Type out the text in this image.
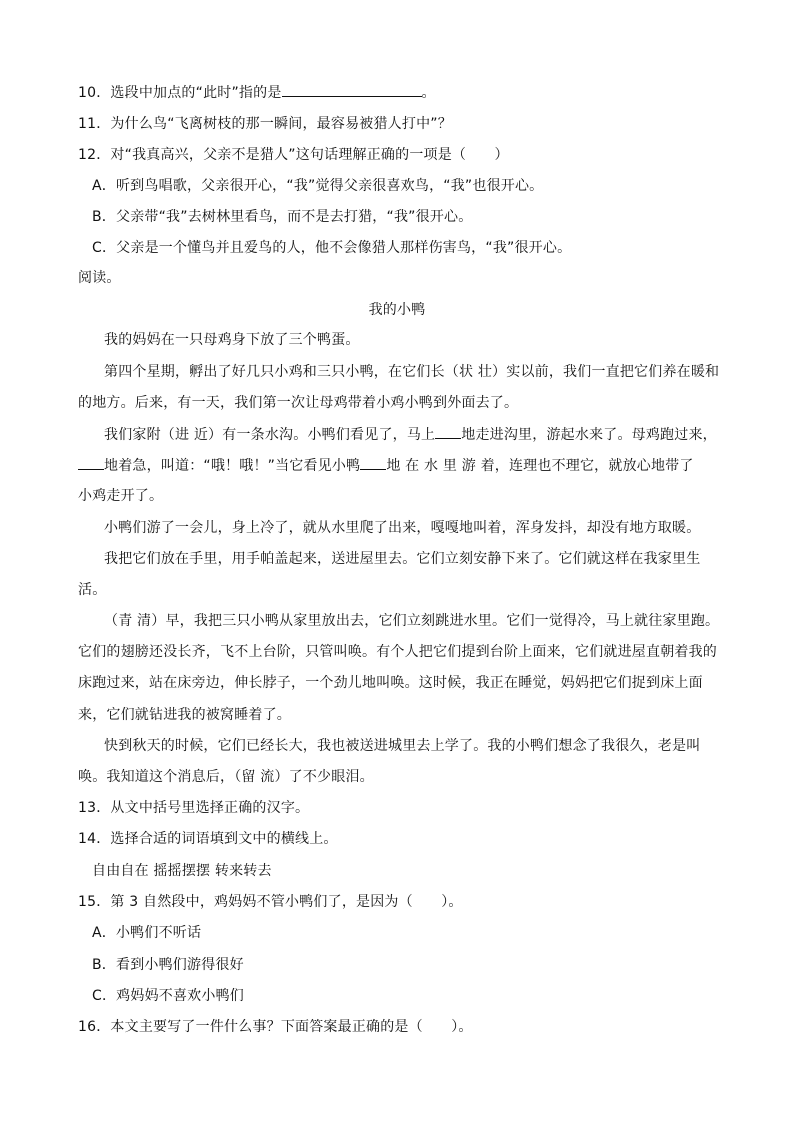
10．选段中加点的“此时”指的是	。
11．为什么鸟“飞离树枝的那一瞬间，最容易被猎人打中”？
12．对“我真高兴，父亲不是猎人”这句话理解正确的一项是（　　）
A．听到鸟唱歌，父亲很开心，“我”觉得父亲很喜欢鸟，“我”也很开心。
B．父亲带“我”去树林里看鸟，而不是去打猎，“我”很开心。
C．父亲是一个懂鸟并且爱鸟的人，他不会像猎人那样伤害鸟，“我”很开心。
阅读。
我的小鸭
我的妈妈在一只母鸡身下放了三个鸭蛋。
第四个星期，孵出了好几只小鸡和三只小鸭，在它们长（状 壮）实以前，我们一直把它们养在暖和
的地方。后来，有一天，我们第一次让母鸡带着小鸡小鸭到外面去了。
我们家附（进 近）有一条水沟。小鸭们看见了，马上 地走进沟里，游起水来了。母鸡跑过来，
地着急，叫道：“哦！哦！”当它看见小鸭 地 在 水 里 游 着，连理也不理它，就放心地带了
小鸡走开了。
小鸭们游了一会儿，身上冷了，就从水里爬了出来，嘎嘎地叫着，浑身发抖，却没有地方取暖。
我把它们放在手里，用手帕盖起来，送进屋里去。它们立刻安静下来了。它们就这样在我家里生
活。
（青 清）早，我把三只小鸭从家里放出去，它们立刻跳进水里。它们一觉得冷，马上就往家里跑。
它们的翅膀还没长齐，飞不上台阶，只管叫唤。有个人把它们提到台阶上面来，它们就进屋直朝着我的
床跑过来，站在床旁边，伸长脖子，一个劲儿地叫唤。这时候，我正在睡觉，妈妈把它们捉到床上面
来，它们就钻进我的被窝睡着了。
快到秋天的时候，它们已经长大，我也被送进城里去上学了。我的小鸭们想念了我很久，老是叫
唤。我知道这个消息后，（留 流）了不少眼泪。
13．从文中括号里选择正确的汉字。
14．选择合适的词语填到文中的横线上。
自由自在 摇摇摆摆 转来转去
15．第 3 自然段中，鸡妈妈不管小鸭们了，是因为（　　）。
A．小鸭们不听话
B．看到小鸭们游得很好
C．鸡妈妈不喜欢小鸭们
16．本文主要写了一件什么事？下面答案最正确的是（　　）。
